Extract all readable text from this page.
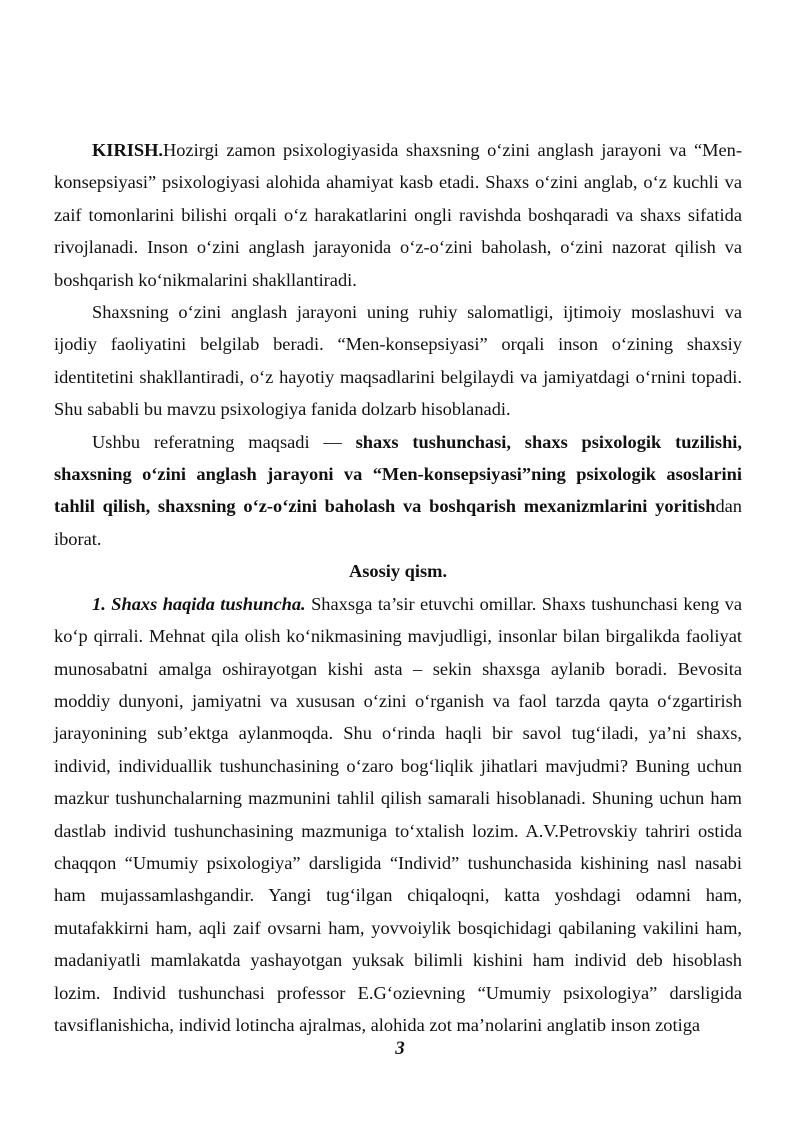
KIRISH.Hozirgi zamon psixologiyasida shaxsning o‘zini anglash jarayoni va “Men-konsepsiyasi” psixologiyasi alohida ahamiyat kasb etadi. Shaxs o‘zini anglab, o‘z kuchli va zaif tomonlarini bilishi orqali o‘z harakatlarini ongli ravishda boshqaradi va shaxs sifatida rivojlanadi. Inson o‘zini anglash jarayonida o‘z-o‘zini baholash, o‘zini nazorat qilish va boshqarish ko‘nikmalarini shakllantiradi.

Shaxsning o‘zini anglash jarayoni uning ruhiy salomatligi, ijtimoiy moslashuvi va ijodiy faoliyatini belgilab beradi. “Men-konsepsiyasi” orqali inson o‘zining shaxsiy identitetini shakllantiradi, o‘z hayotiy maqsadlarini belgilaydi va jamiyatdagi o‘rnini topadi. Shu sababli bu mavzu psixologiya fanida dolzarb hisoblanadi.

Ushbu referatning maqsadi — shaxs tushunchasi, shaxs psixologik tuzilishi, shaxsning o‘zini anglash jarayoni va “Men-konsepsiyasi”ning psixologik asoslarini tahlil qilish, shaxsning o‘z-o‘zini baholash va boshqarish mexanizmlarini yoritishdan iborat.

Asosiy qism.

1. Shaxs haqida tushuncha. Shaxsga ta’sir etuvchi omillar. Shaxs tushunchasi keng va ko‘p qirrali. Mehnat qila olish ko‘nikmasining mavjudligi, insonlar bilan birgalikda faoliyat munosabatni amalga oshirayotgan kishi asta – sekin shaxsga aylanib boradi. Bevosita moddiy dunyoni, jamiyatni va xususan o‘zini o‘rganish va faol tarzda qayta o‘zgartirish jarayonining sub’ektga aylanmoqda. Shu o‘rinda haqli bir savol tug‘iladi, ya’ni shaxs, individ, individuallik tushunchasining o‘zaro bog‘liqlik jihatlari mavjudmi? Buning uchun mazkur tushunchalarning mazmunini tahlil qilish samarali hisoblanadi. Shuning uchun ham dastlab individ tushunchasining mazmuniga to‘xtalish lozim. A.V.Petrovskiy tahriri ostida chaqqon “Umumiy psixologiya” darsligida “Individ” tushunchasida kishining nasl nasabi ham mujassamlashgandir. Yangi tug‘ilgan chiqaloqni, katta yoshdagi odamni ham, mutafakkirni ham, aqli zaif ovsarni ham, yovvoiylik bosqichidagi qabilaning vakilini ham, madaniyatli mamlakatda yashayotgan yuksak bilimli kishini ham individ deb hisoblash lozim. Individ tushunchasi professor E.G‘ozievning “Umumiy psixologiya” darsligida tavsiflanishicha, individ lotincha ajralmas, alohida zot ma’nolarini anglatib inson zotiga

3
